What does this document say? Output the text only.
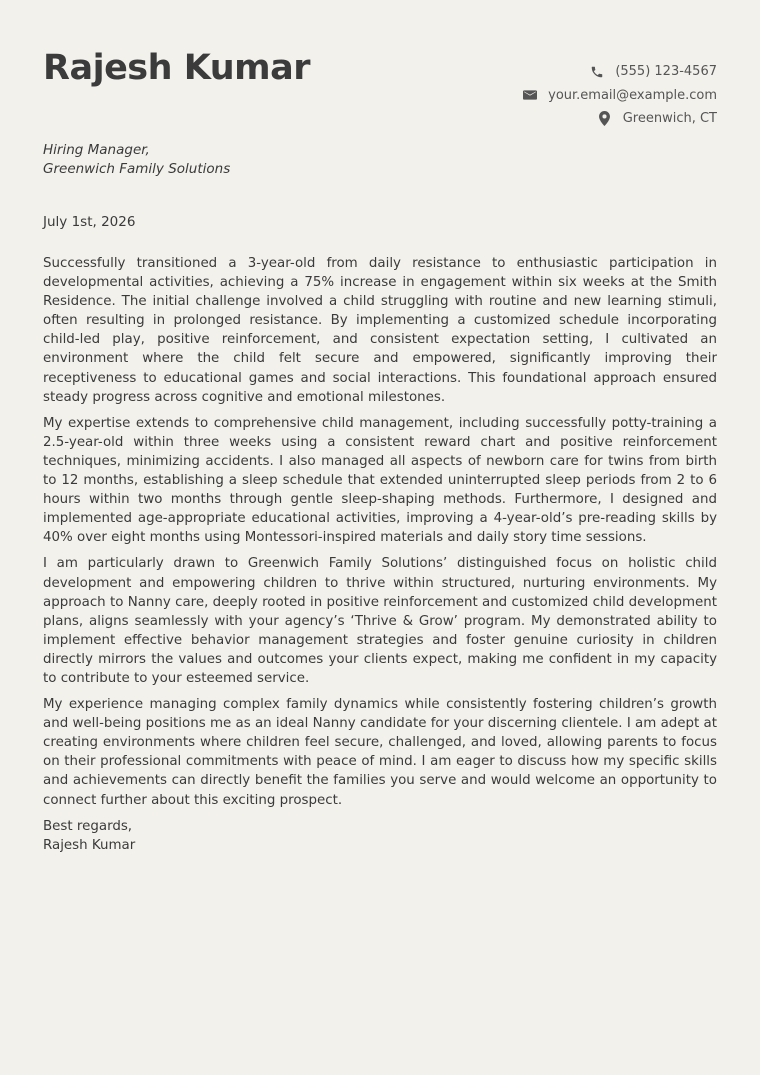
Rajesh Kumar	(555) 123-4567
your.email@example.com
Greenwich, CT
Hiring Manager,
Greenwich Family Solutions
July 1st, 2026

Successfully transitioned a 3-year-old from daily resistance to enthusiastic participation in developmental activities, achieving a 75% increase in engagement within six weeks at the Smith Residence. The initial challenge involved a child struggling with routine and new learning stimuli, often resulting in prolonged resistance. By implementing a customized schedule incorporating child-led play, positive reinforcement, and consistent expectation setting, I cultivated an environment where the child felt secure and empowered, significantly improving their receptiveness to educational games and social interactions. This foundational approach ensured steady progress across cognitive and emotional milestones.

My expertise extends to comprehensive child management, including successfully potty-training a 2.5-year-old within three weeks using a consistent reward chart and positive reinforcement techniques, minimizing accidents. I also managed all aspects of newborn care for twins from birth to 12 months, establishing a sleep schedule that extended uninterrupted sleep periods from 2 to 6 hours within two months through gentle sleep-shaping methods. Furthermore, I designed and implemented age-appropriate educational activities, improving a 4-year-old’s pre-reading skills by 40% over eight months using Montessori-inspired materials and daily story time sessions.

I am particularly drawn to Greenwich Family Solutions’ distinguished focus on holistic child development and empowering children to thrive within structured, nurturing environments. My approach to Nanny care, deeply rooted in positive reinforcement and customized child development plans, aligns seamlessly with your agency’s ‘Thrive & Grow’ program. My demonstrated ability to implement effective behavior management strategies and foster genuine curiosity in children directly mirrors the values and outcomes your clients expect, making me confident in my capacity to contribute to your esteemed service.

My experience managing complex family dynamics while consistently fostering children’s growth and well-being positions me as an ideal Nanny candidate for your discerning clientele. I am adept at creating environments where children feel secure, challenged, and loved, allowing parents to focus on their professional commitments with peace of mind. I am eager to discuss how my specific skills and achievements can directly benefit the families you serve and would welcome an opportunity to connect further about this exciting prospect.

Best regards,
Rajesh Kumar
